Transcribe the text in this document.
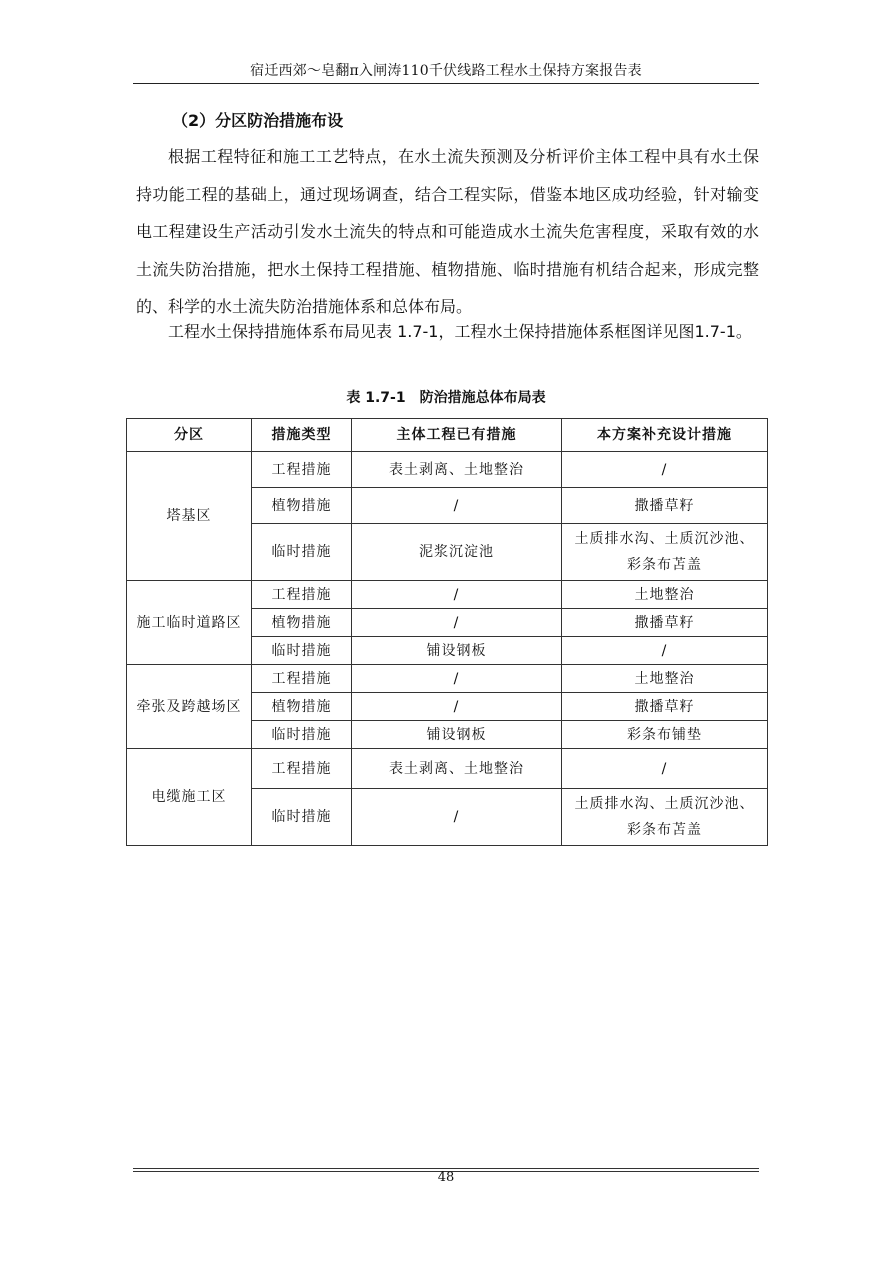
宿迁西郊～皂翻π入闸涛110千伏线路工程水土保持方案报告表
（2）分区防治措施布设

根据工程特征和施工工艺特点，在水土流失预测及分析评价主体工程中具有水土保持功能工程的基础上，通过现场调查，结合工程实际，借鉴本地区成功经验，针对输变电工程建设生产活动引发水土流失的特点和可能造成水土流失危害程度，采取有效的水土流失防治措施，把水土保持工程措施、植物措施、临时措施有机结合起来，形成完整的、科学的水土流失防治措施体系和总体布局。

工程水土保持措施体系布局见表 1.7-1，工程水土保持措施体系框图详见图1.7-1。

表 1.7-1　防治措施总体布局表
分区	措施类型	主体工程已有措施	本方案补充设计措施
塔基区	工程措施	表土剥离、土地整治	/
	植物措施	/	撒播草籽
	临时措施	泥浆沉淀池	土质排水沟、土质沉沙池、彩条布苫盖
施工临时道路区	工程措施	/	土地整治
	植物措施	/	撒播草籽
	临时措施	铺设钢板	/
牵张及跨越场区	工程措施	/	土地整治
	植物措施	/	撒播草籽
	临时措施	铺设钢板	彩条布铺垫
电缆施工区	工程措施	表土剥离、土地整治	/
	临时措施	/	土质排水沟、土质沉沙池、彩条布苫盖
48
